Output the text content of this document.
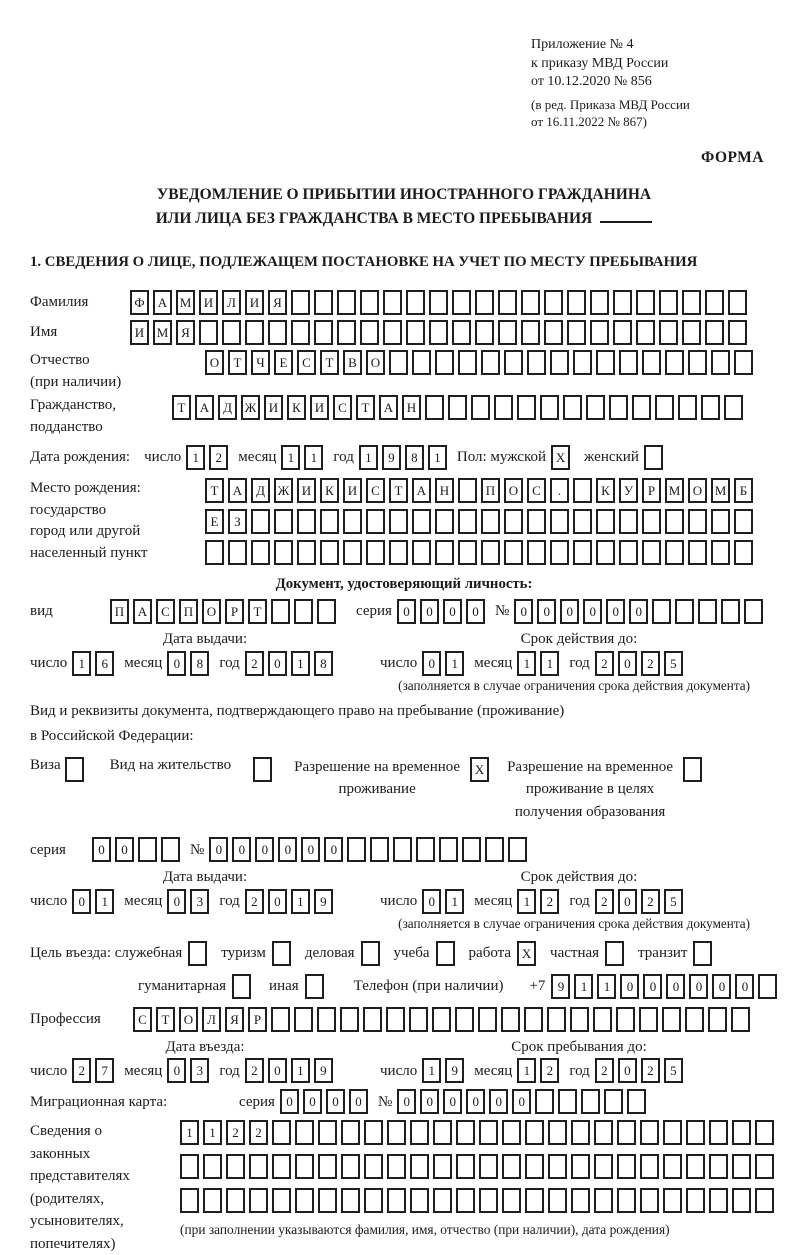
Приложение № 4
к приказу МВД России
от 10.12.2020 № 856
(в ред. Приказа МВД России
от 16.11.2022 № 867)
ФОРМА
УВЕДОМЛЕНИЕ О ПРИБЫТИИ ИНОСТРАННОГО ГРАЖДАНИНА
ИЛИ ЛИЦА БЕЗ ГРАЖДАНСТВА В МЕСТО ПРЕБЫВАНИЯ
1. СВЕДЕНИЯ О ЛИЦЕ, ПОДЛЕЖАЩЕМ ПОСТАНОВКЕ НА УЧЕТ ПО МЕСТУ ПРЕБЫВАНИЯ
Фамилия	Ф	А М И	Л	И	Я
Имя	И М Я
Отчество
(при наличии)
О	Т	Ч	Е	С	Т	В	О
Гражданство,
подданство
Т	А	Д Ж И	К	И	С	Т	А	Н
Дата рождения: число 1	2	месяц 1	1	год 1	9	8	1	Пол: мужской X	женский
Место рождения:
государство
город или другой
населенный пункт
Т	А	Д Ж И	К	И	С	Т	А	Н	П	О	С	.	К	У	Р	М О М	Б

Е	З

Документ, удостоверяющий личность:
вид	П	А	С	П	О	Р	Т	серия 0	0	0	0	№ 0	0	0	0	0	0
Дата выдачи:	Срок действия до:
число 1	6	месяц 0	8	год 2	0	1	8	число 0	1	месяц 1	1	год 2	0	2	5
(заполняется в случае ограничения срока действия документа)
Вид и реквизиты документа, подтверждающего право на пребывание (проживание)
в Российской Федерации:
Виза	Вид на жительство	Разрешение на временное
проживание
X	Разрешение на временное
проживание в целях
получения образования
серия	0	0	№ 0	0	0	0	0	0
Дата выдачи:	Срок действия до:
число 0	1	месяц 0	3	год 2	0	1	9	число 0	1	месяц 1	2	год 2	0	2	5
(заполняется в случае ограничения срока действия документа)
Цель въезда: служебная	туризм	деловая	учеба	работа X	частная	транзит
гуманитарная	иная	Телефон (при наличии) +7 9	1	1	0	0	0	0	0	0
Профессия	С	Т	О	Л	Я	Р
Дата въезда:	Срок пребывания до:
число 2	7	месяц 0	3	год 2	0	1	9	число 1	9	месяц 1	2	год 2	0	2	5
Миграционная карта:	серия 0	0	0	0	№ 0	0	0	0	0	0
Сведения о
законных
представителях
(родителях,
усыновителях,
попечителях)
1	1	2	2
(при заполнении указываются фамилия, имя, отчество (при наличии), дата рождения)
